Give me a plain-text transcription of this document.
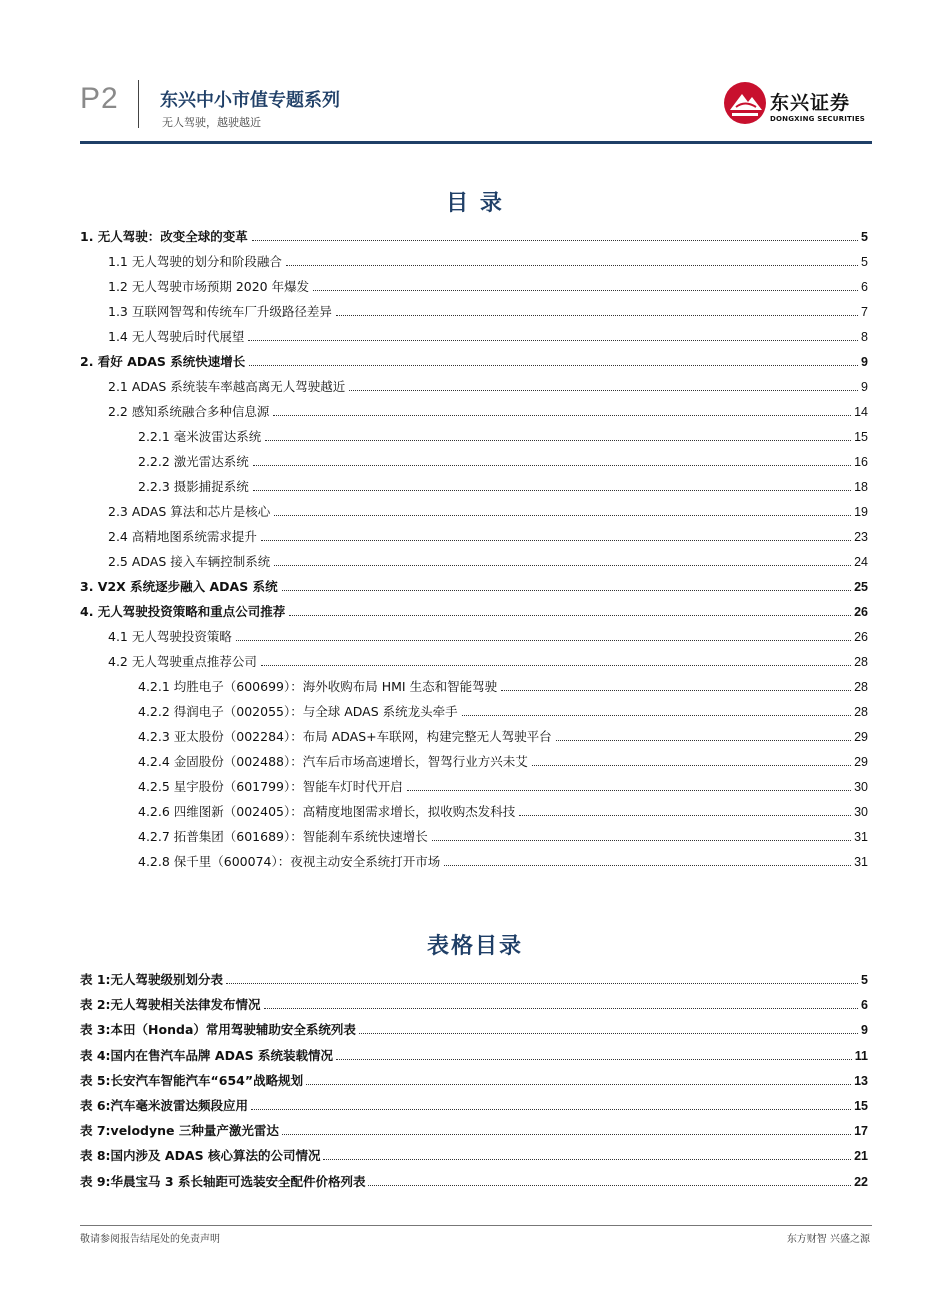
P2 东兴中小市值专题系列
无人驾驶，越驶越近
东兴证券
DONGXING SECURITIES
目 录
表格目录
敬请参阅报告结尾处的免责声明	东方财智 兴盛之源
1. 无人驾驶：改变全球的变革	5
1.1 无人驾驶的划分和阶段融合	5
1.2 无人驾驶市场预期 2020 年爆发	6
1.3 互联网智驾和传统车厂升级路径差异	7
1.4 无人驾驶后时代展望	8
2. 看好 ADAS 系统快速增长	9
2.1 ADAS 系统装车率越高离无人驾驶越近	9
2.2 感知系统融合多种信息源	14
2.2.1 毫米波雷达系统	15
2.2.2 激光雷达系统	16
2.2.3 摄影捕捉系统	18
2.3 ADAS 算法和芯片是核心	19
2.4 高精地图系统需求提升	23
2.5 ADAS 接入车辆控制系统	24
3. V2X 系统逐步融入 ADAS 系统	25
4. 无人驾驶投资策略和重点公司推荐	26
4.1 无人驾驶投资策略	26
4.2 无人驾驶重点推荐公司	28
4.2.1 均胜电子（600699）：海外收购布局 HMI 生态和智能驾驶	28
4.2.2 得润电子（002055）：与全球 ADAS 系统龙头牵手	28
4.2.3 亚太股份（002284）：布局 ADAS+车联网，构建完整无人驾驶平台	29
4.2.4 金固股份（002488）：汽车后市场高速增长，智驾行业方兴未艾	29
4.2.5 星宇股份（601799）：智能车灯时代开启	30
4.2.6 四维图新（002405）：高精度地图需求增长，拟收购杰发科技	30
4.2.7 拓普集团（601689）：智能刹车系统快速增长	31
4.2.8 保千里（600074）：夜视主动安全系统打开市场	31
表 1:无人驾驶级别划分表	5
表 2:无人驾驶相关法律发布情况	6
表 3:本田（Honda）常用驾驶辅助安全系统列表	9
表 4:国内在售汽车品牌 ADAS 系统装载情况	11
表 5:长安汽车智能汽车“654”战略规划	13
表 6:汽车毫米波雷达频段应用	15
表 7:velodyne 三种量产激光雷达	17
表 8:国内涉及 ADAS 核心算法的公司情况	21
表 9:华晨宝马 3 系长轴距可选装安全配件价格列表	22
